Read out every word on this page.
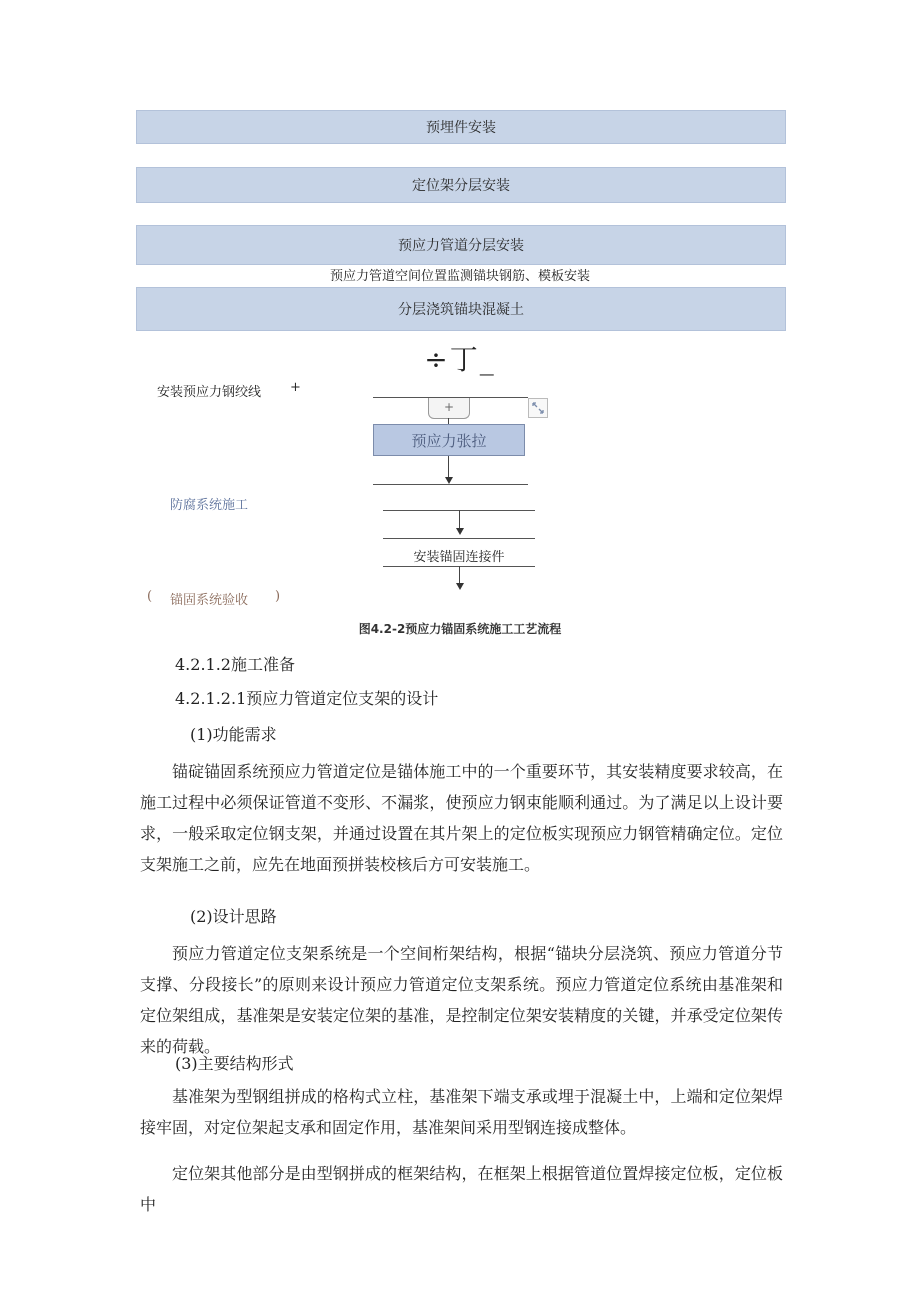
预埋件安装
定位架分层安装
预应力管道分层安装
预应力管道空间位置监测锚块钢筋、模板安装
分层浇筑锚块混凝土
÷丁_
安装预应力钢绞线 +
+
预应力张拉
防腐系统施工
安装锚固连接件
( 锚固系统验收 )
图4.2-2预应力锚固系统施工工艺流程
4.2.1.2施工准备
4.2.1.2.1预应力管道定位支架的设计
(1)功能需求
锚碇锚固系统预应力管道定位是锚体施工中的一个重要环节，其安装精度要求较高，在施工过程中必须保证管道不变形、不漏浆，使预应力钢束能顺利通过。为了满足以上设计要求，一般采取定位钢支架，并通过设置在其片架上的定位板实现预应力钢管精确定位。定位支架施工之前，应先在地面预拼装校核后方可安装施工。
(2)设计思路
预应力管道定位支架系统是一个空间桁架结构，根据“锚块分层浇筑、预应力管道分节支撑、分段接长”的原则来设计预应力管道定位支架系统。预应力管道定位系统由基准架和定位架组成，基准架是安装定位架的基准，是控制定位架安装精度的关键，并承受定位架传来的荷载。
(3)主要结构形式
基准架为型钢组拼成的格构式立柱，基准架下端支承或埋于混凝土中，上端和定位架焊接牢固，对定位架起支承和固定作用，基准架间采用型钢连接成整体。
定位架其他部分是由型钢拼成的框架结构，在框架上根据管道位置焊接定位板，定位板中
